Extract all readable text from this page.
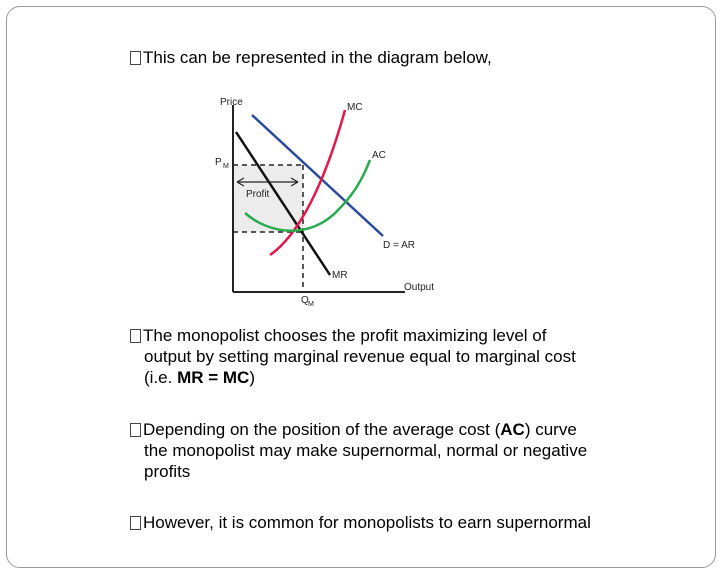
This can be represented in the diagram below,
Price
Output
P M
Q M
MC
AC
D = AR
MR
Profit
The monopolist chooses the profit maximizing level of
output by setting marginal revenue equal to marginal cost
(i.e. MR = MC)
Depending on the position of the average cost (AC) curve
the monopolist may make supernormal, normal or negative
profits
However, it is common for monopolists to earn supernormal
